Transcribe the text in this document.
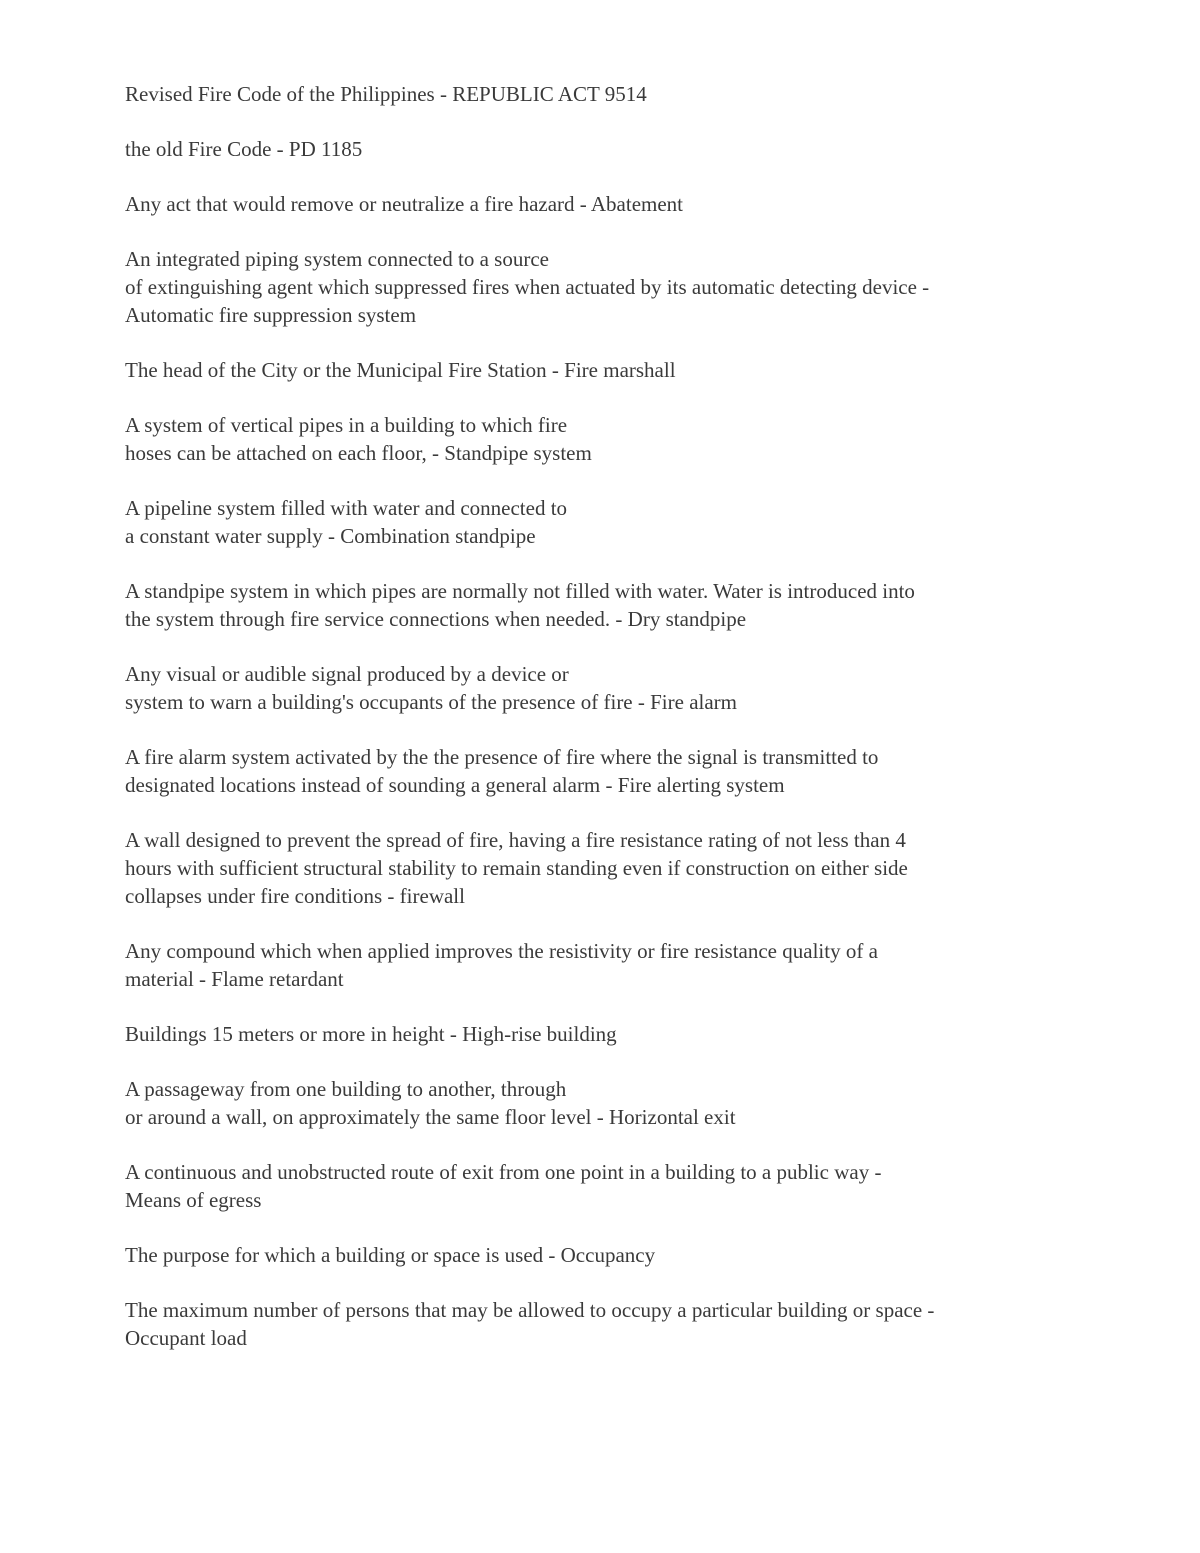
Revised Fire Code of the Philippines - REPUBLIC ACT 9514

the old Fire Code - PD 1185

Any act that would remove or neutralize a fire hazard - Abatement

An integrated piping system connected to a source
of extinguishing agent which suppressed fires when actuated by its automatic detecting device -
Automatic fire suppression system

The head of the City or the Municipal Fire Station - Fire marshall

A system of vertical pipes in a building to which fire
hoses can be attached on each floor, - Standpipe system

A pipeline system filled with water and connected to
a constant water supply - Combination standpipe

A standpipe system in which pipes are normally not filled with water. Water is introduced into
the system through fire service connections when needed. - Dry standpipe

Any visual or audible signal produced by a device or
system to warn a building's occupants of the presence of fire - Fire alarm

A fire alarm system activated by the the presence of fire where the signal is transmitted to
designated locations instead of sounding a general alarm - Fire alerting system

A wall designed to prevent the spread of fire, having a fire resistance rating of not less than 4
hours with sufficient structural stability to remain standing even if construction on either side
collapses under fire conditions - firewall

Any compound which when applied improves the resistivity or fire resistance quality of a
material - Flame retardant

Buildings 15 meters or more in height - High-rise building

A passageway from one building to another, through
or around a wall, on approximately the same floor level - Horizontal exit

A continuous and unobstructed route of exit from one point in a building to a public way -
Means of egress

The purpose for which a building or space is used - Occupancy

The maximum number of persons that may be allowed to occupy a particular building or space -
Occupant load
